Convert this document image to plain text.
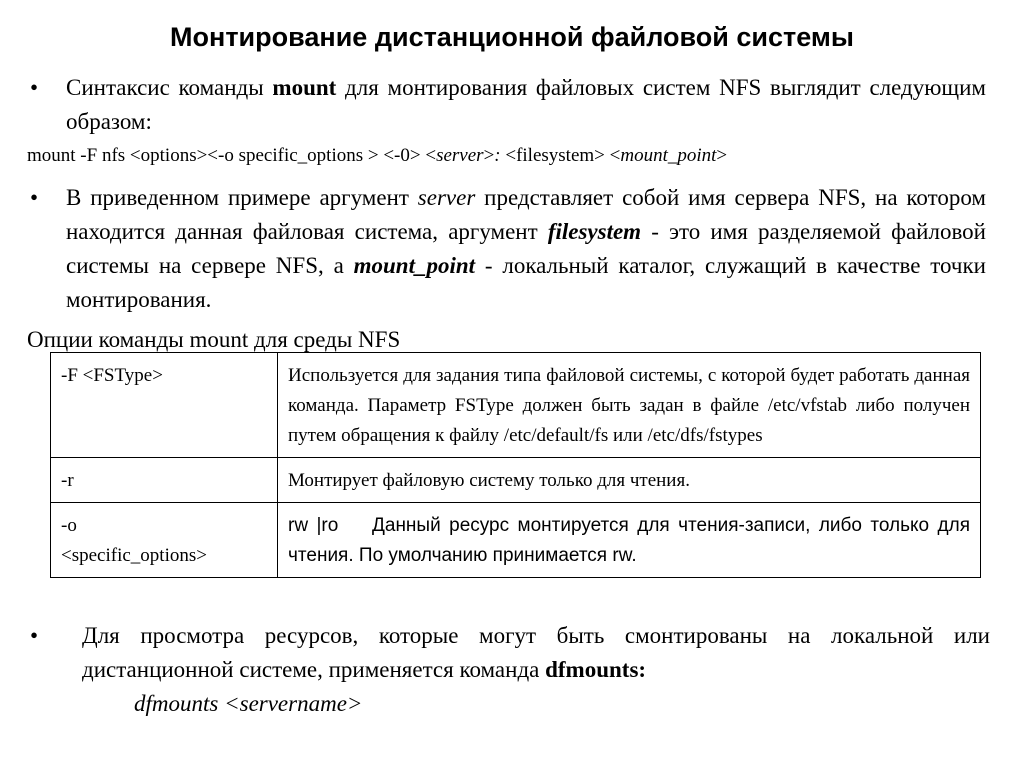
Монтирование дистанционной файловой системы
• Синтаксис команды mount для монтирования файловых систем NFS выглядит следующим образом:
mount -F nfs <options><-o specific_options > <-0> <server>: <filesystem> <mount_point>
• В приведенном примере аргумент server представляет собой имя сервера NFS, на котором находится данная файловая система, аргумент filesystem - это имя разделяемой файловой системы на сервере NFS, а mount_point - локальный каталог, служащий в качестве точки монтирования.
Опции команды mount для среды NFS
-F <FSType>	Используется для задания типа файловой системы, с которой будет работать данная команда. Параметр FSType должен быть задан в файле /etc/vfstab либо получен путем обращения к файлу /etc/default/fs или /etc/dfs/fstypes
-r	Монтирует файловую систему только для чтения.

-o
<specific_options>	rw |ro    Данный ресурс монтируется для чтения-записи, либо только для чтения. По умолчанию принимается rw.
• Для просмотра ресурсов, которые могут быть смонтированы на локальной или дистанционной системе, применяется команда dfmounts:
dfmounts <servername>
